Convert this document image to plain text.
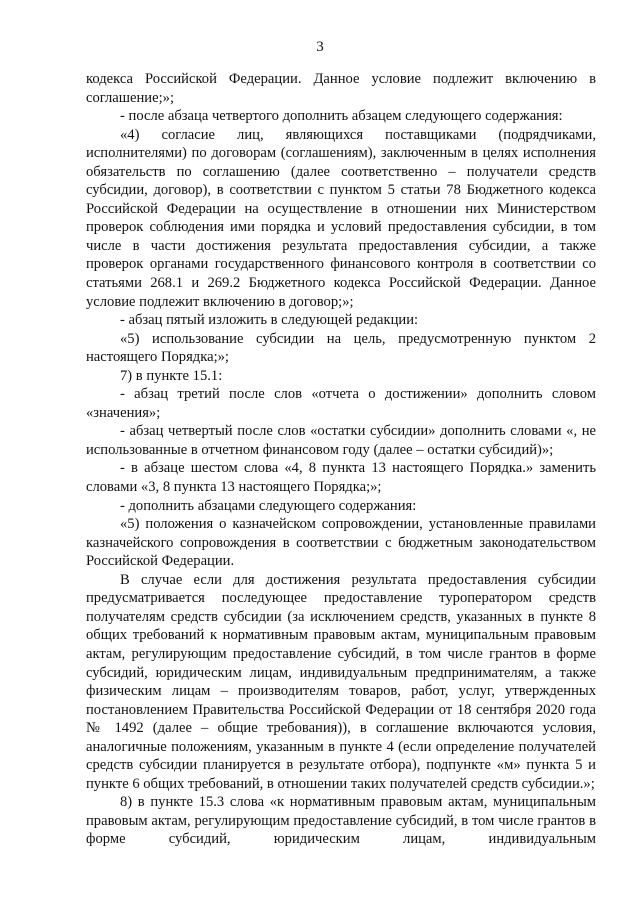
3

кодекса Российской Федерации. Данное условие подлежит включению в соглашение;»;

- после абзаца четвертого дополнить абзацем следующего содержания:

«4) согласие лиц, являющихся поставщиками (подрядчиками, исполнителями) по договорам (соглашениям), заключенным в целях исполнения обязательств по соглашению (далее соответственно – получатели средств субсидии, договор), в соответствии с пунктом 5 статьи 78 Бюджетного кодекса Российской Федерации на осуществление в отношении них Министерством проверок соблюдения ими порядка и условий предоставления субсидии, в том числе в части достижения результата предоставления субсидии, а также проверок органами государственного финансового контроля в соответствии со статьями 268.1 и 269.2 Бюджетного кодекса Российской Федерации. Данное условие подлежит включению в договор;»;

- абзац пятый изложить в следующей редакции:

«5) использование субсидии на цель, предусмотренную пунктом 2 настоящего Порядка;»;

7) в пункте 15.1:

- абзац третий после слов «отчета о достижении» дополнить словом «значения»;

- абзац четвертый после слов «остатки субсидии» дополнить словами «, не использованные в отчетном финансовом году (далее – остатки субсидий)»;

- в абзаце шестом слова «4, 8 пункта 13 настоящего Порядка.» заменить словами «3, 8 пункта 13 настоящего Порядка;»;

- дополнить абзацами следующего содержания:

«5) положения о казначейском сопровождении, установленные правилами казначейского сопровождения в соответствии с бюджетным законодательством Российской Федерации.

В случае если для достижения результата предоставления субсидии предусматривается последующее предоставление туроператором средств получателям средств субсидии (за исключением средств, указанных в пункте 8 общих требований к нормативным правовым актам, муниципальным правовым актам, регулирующим предоставление субсидий, в том числе грантов в форме субсидий, юридическим лицам, индивидуальным предпринимателям, а также физическим лицам – производителям товаров, работ, услуг, утвержденных постановлением Правительства Российской Федерации от 18 сентября 2020 года № 1492 (далее – общие требования)), в соглашение включаются условия, аналогичные положениям, указанным в пункте 4 (если определение получателей средств субсидии планируется в результате отбора), подпункте «м» пункта 5 и пункте 6 общих требований, в отношении таких получателей средств субсидии.»;

8) в пункте 15.3 слова «к нормативным правовым актам, муниципальным правовым актам, регулирующим предоставление субсидий, в том числе грантов в форме субсидий, юридическим лицам, индивидуальным
